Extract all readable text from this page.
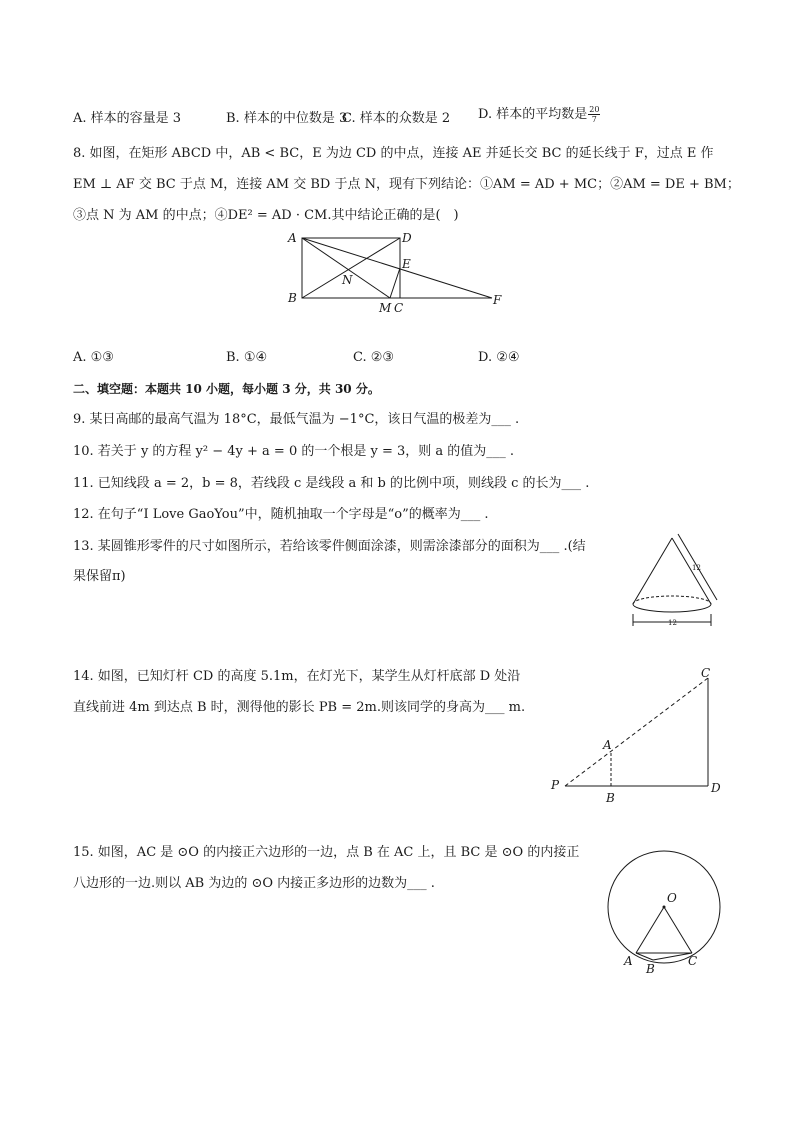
A. 样本的容量是 3	B. 样本的中位数是 3
C. 样本的众数是 2 D. 样本的平均数是 $\frac{20}{7}$
8. 如图，在矩形 ABCD 中，AB < BC，E 为边 CD 的中点，连接 AE 并延长交 BC 的延长线于 F，过点 E 作
EM ⊥ AF 交 BC 于点 M，连接 AM 交 BD 于点 N，现有下列结论：①AM = AD + MC；②AM = DE + BM；
③点 N 为 AM 的中点；④DE² = AD · CM.其中结论正确的是(　)
A	D
E
N
B
M C
F
A. ①③	B. ①④	C. ②③	D. ②④
二、填空题：本题共 10 小题，每小题 3 分，共 30 分。
9. 某日高邮的最高气温为 18°C，最低气温为 −1°C，该日气温的极差为___ .
10. 若关于 y 的方程 y² − 4y + a = 0 的一个根是 y = 3，则 a 的值为___ .
11. 已知线段 a = 2，b = 8，若线段 c 是线段 a 和 b 的比例中项，则线段 c 的长为___ .
12. 在句子“I Love GaoYou”中，随机抽取一个字母是“o”的概率为___ .
13. 某圆锥形零件的尺寸如图所示，若给该零件侧面涂漆，则需涂漆部分的面积为___ .(结
果保留π)
12
12
14. 如图，已知灯杆 CD 的高度 5.1m，在灯光下，某学生从灯杆底部 D 处沿
直线前进 4m 到达点 B 时，测得他的影长 PB = 2m.则该同学的身高为___ m.
C
A
P
B
D
15. 如图，AC 是 ⊙O 的内接正六边形的一边，点 B 在 AC 上，且 BC 是 ⊙O 的内接正
八边形的一边.则以 AB 为边的 ⊙O 内接正多边形的边数为___ .
O
A
B
C
